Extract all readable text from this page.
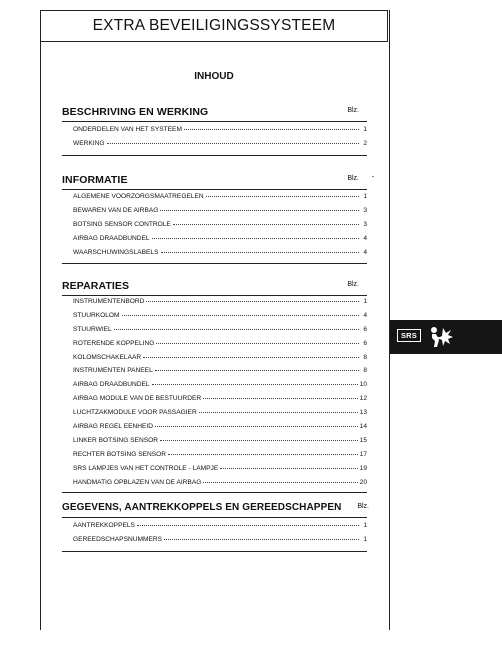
EXTRA BEVEILIGINGSSYSTEEM
INHOUD
BESCHRIVING EN WERKING	Blz.
ONDERDELEN VAN HET SYSTEEM	1
WERKING	2
INFORMATIE	Blz.
ALGEMENE VOORZORGSMAATREGELEN	1
BEWAREN VAN DE AIRBAG	3
BOTSING SENSOR CONTROLE	3
AIRBAG DRAADBUNDEL	4
WAARSCHUWINGSLABELS	4
REPARATIES	Blz.
INSTRUMENTENBORD	1
STUURKOLOM	4
STUURWIEL	6
ROTERENDE KOPPELING	6
KOLOMSCHAKELAAR	8
INSTRUMENTEN PANEEL	8
AIRBAG DRAADBUNDEL	10
AIRBAG MODULE VAN DE BESTUURDER	12
LUCHTZAKMODULE VOOR PASSAGIER	13
AIRBAG REGEL EENHEID	14
LINKER BOTSING SENSOR	15
RECHTER BOTSING SENSOR	17
SRS LAMPJES VAN HET CONTROLE - LAMPJE	19
HANDMATIG OPBLAZEN VAN DE AIRBAG	20
GEGEVENS, AANTREKKOPPELS EN GEREEDSCHAPPEN Blz.
AANTREKKOPPELS	1
GEREEDSCHAPSNUMMERS	1
SRS
